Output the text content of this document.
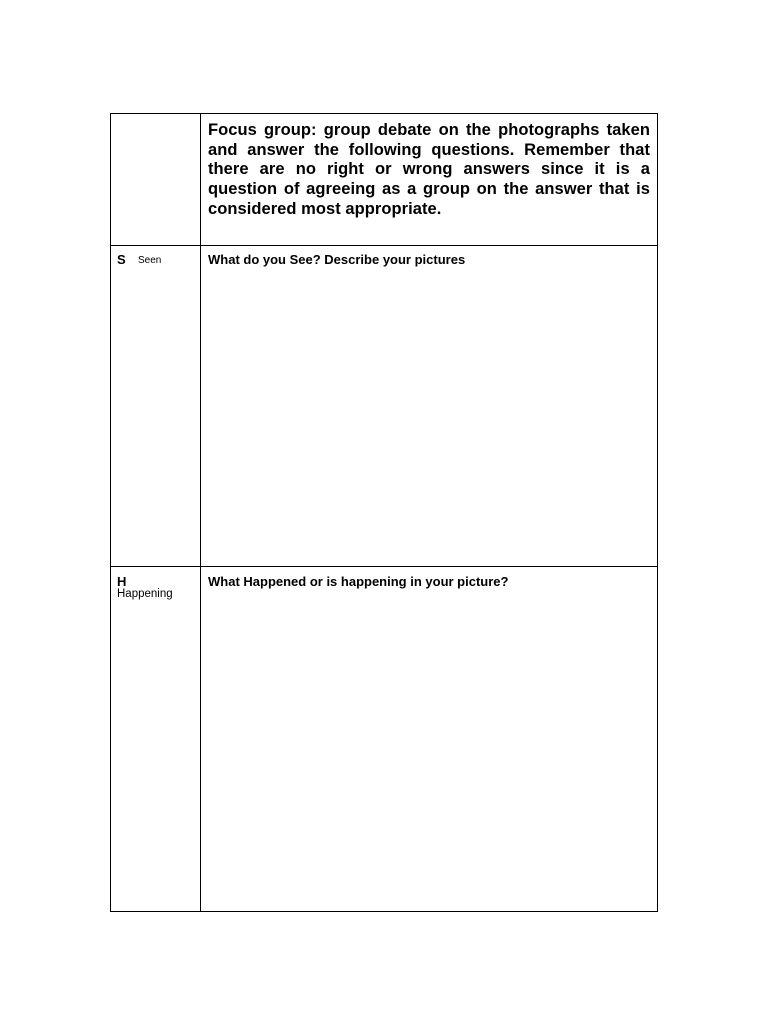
Focus group: group debate on the photographs taken and answer the following questions. Remember that there are no right or wrong answers since it is a question of agreeing as a group on the answer that is considered most appropriate.

S Seen	What do you See? Describe your pictures

H
Happening

What Happened or is happening in your picture?
